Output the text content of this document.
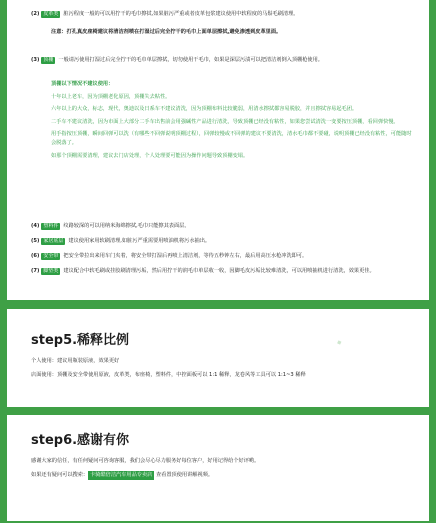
(2) 皮革类 脏污程度一般的可以用拧干的毛巾擦拭,如果脏污严重或者皮革包浆建议使用中软程度的马鬃毛刷清理。
注意：打孔真皮座椅建议将清洁剂喷在打湿过后完全拧干的毛巾上面单层擦拭,避免渗透到皮革里面。
(3) 顶棚 一般请污使用打湿过后完全拧干的毛巾单层擦拭，切勿使用干毛巾，如果是深层污渍可以把清洁剂倒入顶棚枪使用。
顶棚以下情况不建议使用：
十年以上老车，因为顶棚老化原因，顶棚失去粘性。
六年以上的大众，标志，现代，奥迪以及日系车不建议清洗，因为顶棚布料比较脆弱，用清水擦拭都容易脱胶，并且擦拭容易起毛团。
二手车不建议清洗，因为市面上大部分二手车出售前会用强碱性产品进行清洗，导致顶棚已经没有粘性，如果您尝试清洗一变要按压顶棚，看回弹快慢。
用手指按压顶棚，瞬间回弹可以洗（有哪些不回弹说明顶棚过程），回弹较慢或不回弹的建议不要清洗，清水毛巾都不要碰，说明顶棚已经没有粘性，可能随时会脱落了。
如那个顶棚需要清理，建议去门店处理，个人处理要可能因为操作问题导致顶棚变塌。
(4) 塑料件 纹路较深的可以用纳米海绵擦拭,毛巾只能擦其表面层。
(5) 家居底层 建议使用家用软刷清理,如脏污严重需要用喷油机将污水抽出。
(6) 安全带 把安全带拉出来用车门夹着，将安全带打湿后再喷上清洁剂，等待五秒钟左右，最后用高压水枪冲洗即可。
(7) 脚垫类 建议配合中软毛刷或挂胶刷清理污垢，然后用拧干的润毛巾单层收一收，因脚毛皮污垢比较难清洗，可以用喷抽机进行清洗，效果更佳。
step5.稀释比例
个人使用：建议用瓶装原液，效果更好
店面使用：顶棚及安全带使用原液，皮革类，布座椅，塑料件，中控面板可以 1:1 稀释，龙卷风等工具可以 1:1~3 稀释
◆
step6.感谢有你
感谢大家的信任，有任何疑问可咨询客服，我们会尽心尽力服务好每位客户，好用记得给个好评哟。
如果还有疑问可以搜索： 卡骑酷倍洁汽车用品专卖店 查看置顶使用讲解视频。
